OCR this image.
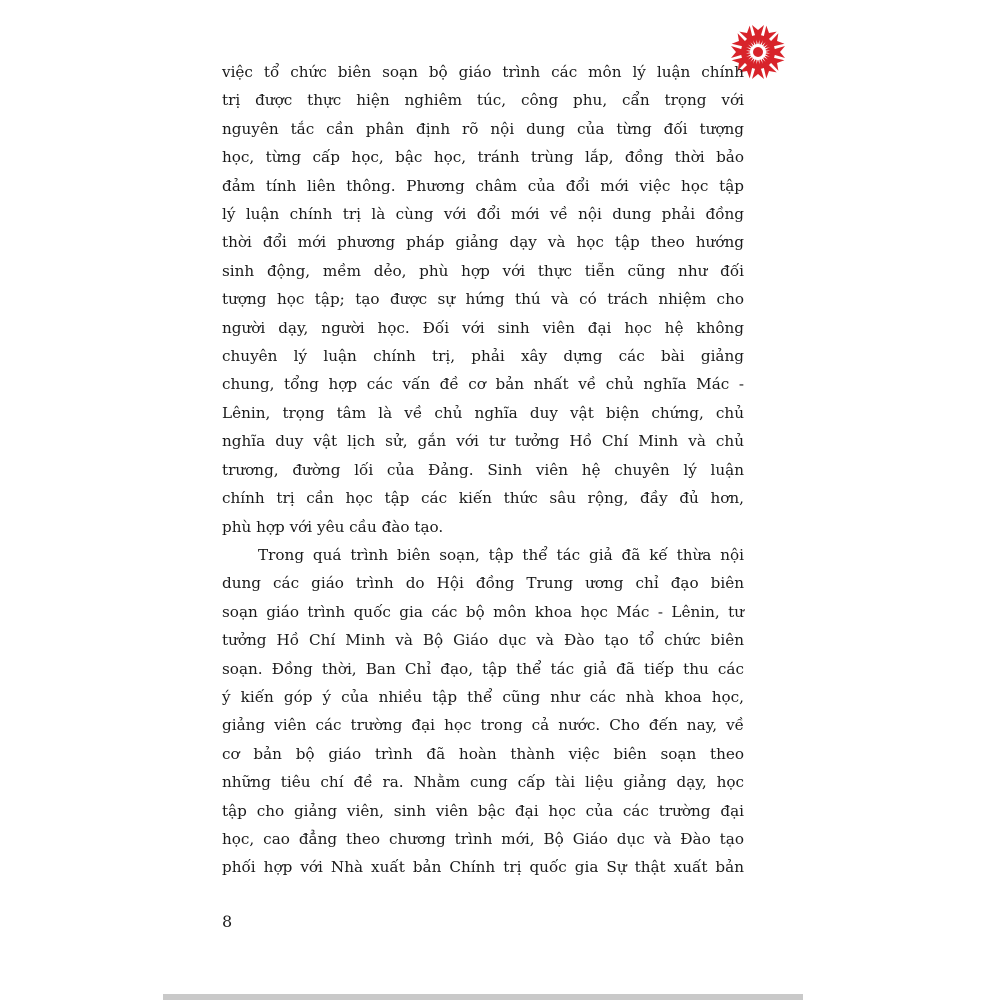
việc tổ chức biên soạn bộ giáo trình các môn lý luận chính
trị được thực hiện nghiêm túc, công phu, cẩn trọng với
nguyên tắc cần phân định rõ nội dung của từng đối tượng
học, từng cấp học, bậc học, tránh trùng lắp, đồng thời bảo
đảm tính liên thông. Phương châm của đổi mới việc học tập
lý luận chính trị là cùng với đổi mới về nội dung phải đồng
thời đổi mới phương pháp giảng dạy và học tập theo hướng
sinh động, mềm dẻo, phù hợp với thực tiễn cũng như đối
tượng học tập; tạo được sự hứng thú và có trách nhiệm cho
người dạy, người học. Đối với sinh viên đại học hệ không
chuyên lý luận chính trị, phải xây dựng các bài giảng
chung, tổng hợp các vấn đề cơ bản nhất về chủ nghĩa Mác -
Lênin, trọng tâm là về chủ nghĩa duy vật biện chứng, chủ
nghĩa duy vật lịch sử, gắn với tư tưởng Hồ Chí Minh và chủ
trương, đường lối của Đảng. Sinh viên hệ chuyên lý luận
chính trị cần học tập các kiến thức sâu rộng, đầy đủ hơn,
phù hợp với yêu cầu đào tạo.

Trong quá trình biên soạn, tập thể tác giả đã kế thừa nội
dung các giáo trình do Hội đồng Trung ương chỉ đạo biên
soạn giáo trình quốc gia các bộ môn khoa học Mác - Lênin, tư
tưởng Hồ Chí Minh và Bộ Giáo dục và Đào tạo tổ chức biên
soạn. Đồng thời, Ban Chỉ đạo, tập thể tác giả đã tiếp thu các
ý kiến góp ý của nhiều tập thể cũng như các nhà khoa học,
giảng viên các trường đại học trong cả nước. Cho đến nay, về
cơ bản bộ giáo trình đã hoàn thành việc biên soạn theo
những tiêu chí đề ra. Nhằm cung cấp tài liệu giảng dạy, học
tập cho giảng viên, sinh viên bậc đại học của các trường đại
học, cao đẳng theo chương trình mới, Bộ Giáo dục và Đào tạo
phối hợp với Nhà xuất bản Chính trị quốc gia Sự thật xuất bản

8
